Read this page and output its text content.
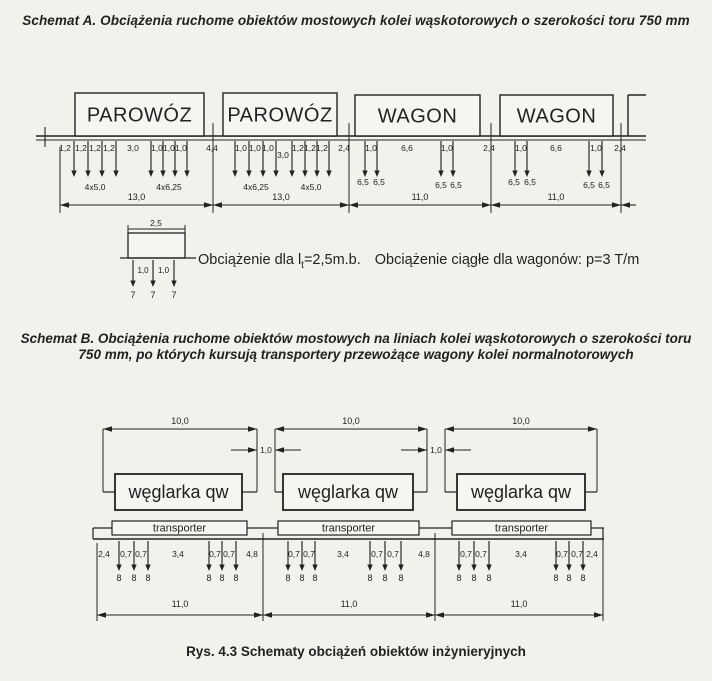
Schemat A. Obciążenia ruchome obiektów mostowych kolei wąskotorowych o szerokości toru 750 mm
Schemat B. Obciążenia ruchome obiektów mostowych na liniach kolei wąskotorowych o szerokości toru
750 mm, po których kursują transportery przewożące wagony kolei normalnotorowych
Obciążenie dla $l_t=2,5m.b$. Obciążenie ciągłe dla wagonów: p=3 T/m
Rys. 4.3 Schematy obciążeń obiektów inżynieryjnych
PAROWÓZ PAROWÓZ WAGON	WAGON
1,2 1,2 1,2 1,2 3,0 1,0 1,0 1,0 4,4 1,0 1,0 1,0
3,0
1,2 1,2 1,2 2,4 1,0	6,6	1,0	2,4 1,0	6,6	1,0 2,4
4x5,0	4x6,25	4x6,25	4x5,0	6,5 6,5	6,5 6,5	6,5 6,5	6,5 6,5
13,0	13,0	11,0	11,0
2,5
1,0 1,0
7 7 7
10,0
węglarka qw
transporter
10,0
węglarka qw
transporter
10,0
węglarka qw
transporter
1,0	1,0
8 8 8	8 8 8	8 8 8	8 8 8	8 8 8	8 8 8
2,4 0,7 0,7	3,4	0,7 0,7 4,8	0,7 0,7	3,4	0,7 0,7 4,8	0,7 0,7	3,4	0,7 0,7 2,4
11,0	11,0	11,0
